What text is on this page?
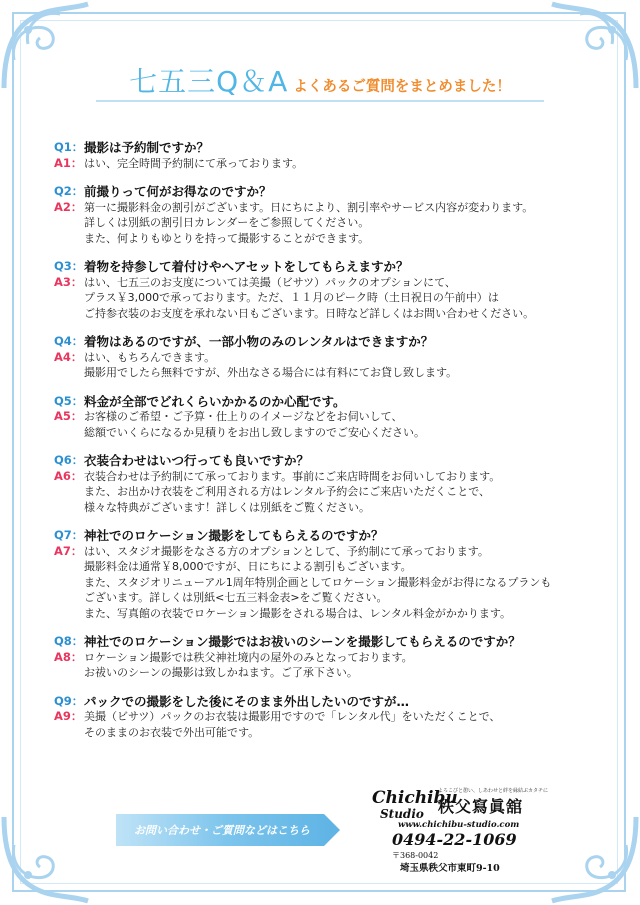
七五三Q＆A よくあるご質問をまとめました！
Q1： 撮影は予約制ですか？
A1： はい、完全時間予約制にて承っております。
Q2： 前撮りって何がお得なのですか？
A2： 第一に撮影料金の割引がございます。日にちにより、割引率やサービス内容が変わります。
詳しくは別紙の割引日カレンダーをご参照してください。
また、何よりもゆとりを持って撮影することができます。
Q3： 着物を持参して着付けやヘアセットをしてもらえますか？
A3： はい、七五三のお支度については美撮（ビサツ）パックのオプションにて、
プラス￥3,000で承っております。ただ、１１月のピーク時（土日祝日の午前中）は
ご持参衣装のお支度を承れない日もございます。日時など詳しくはお問い合わせください。
Q4： 着物はあるのですが、一部小物のみのレンタルはできますか？
A4： はい、もちろんできます。
撮影用でしたら無料ですが、外出なさる場合には有料にてお貸し致します。
Q5： 料金が全部でどれくらいかかるのか心配です。
A5： お客様のご希望・ご予算・仕上りのイメージなどをお伺いして、
総額でいくらになるか見積りをお出し致しますのでご安心ください。
Q6： 衣装合わせはいつ行っても良いですか？
A6： 衣装合わせは予約制にて承っております。事前にご来店時間をお伺いしております。
また、お出かけ衣装をご利用される方はレンタル予約会にご来店いただくことで、
様々な特典がございます！詳しくは別紙をご覧ください。
Q7： 神社でのロケーション撮影をしてもらえるのですか？
A7： はい、スタジオ撮影をなさる方のオプションとして、予約制にて承っております。
撮影料金は通常￥8,000ですが、日にちによる割引もございます。
また、スタジオリニューアル1周年特別企画としてロケーション撮影料金がお得になるプランも
ございます。詳しくは別紙<七五三料金表>をご覧ください。
また、写真館の衣装でロケーション撮影をされる場合は、レンタル料金がかかります。
Q8： 神社でのロケーション撮影ではお祓いのシーンを撮影してもらえるのですか？
A8： ロケーション撮影では秩父神社境内の屋外のみとなっております。
お祓いのシーンの撮影は致しかねます。ご了承下さい。
Q9： パックでの撮影をした後にそのまま外出したいのですが…
A9： 美撮（ビサツ）パックのお衣装は撮影用ですので「レンタル代」をいただくことで、
そのままのお衣装で外出可能です。
お問い合わせ・ご質問などはこちら
Chichibu
Studio
よろこびと憩い、しあわせと絆を縁結ぶカタチに
秩父寫眞舘
www.chichibu-studio.com
0494-22-1069
〒368-0042
埼玉県秩父市東町9-10
